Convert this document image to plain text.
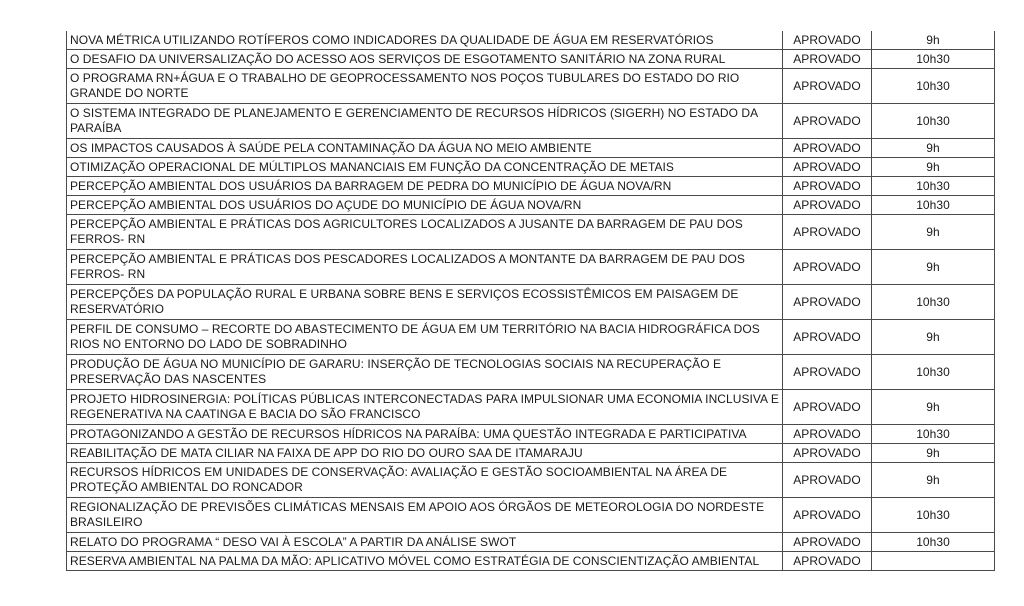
NOVA MÉTRICA UTILIZANDO ROTÍFEROS COMO INDICADORES DA QUALIDADE DE ÁGUA EM RESERVATÓRIOS	APROVADO	9h
O DESAFIO DA UNIVERSALIZAÇÃO DO ACESSO AOS SERVIÇOS DE ESGOTAMENTO SANITÁRIO NA ZONA RURAL	APROVADO	10h30
O PROGRAMA RN+ÁGUA E O TRABALHO DE GEOPROCESSAMENTO NOS POÇOS TUBULARES DO ESTADO DO RIO GRANDE DO NORTE	APROVADO	10h30
O SISTEMA INTEGRADO DE PLANEJAMENTO E GERENCIAMENTO DE RECURSOS HÍDRICOS (SIGERH) NO ESTADO DA PARAÍBA	APROVADO	10h30
OS IMPACTOS CAUSADOS À SAÚDE PELA CONTAMINAÇÃO DA ÁGUA NO MEIO AMBIENTE	APROVADO	9h
OTIMIZAÇÃO OPERACIONAL DE MÚLTIPLOS MANANCIAIS EM FUNÇÃO DA CONCENTRAÇÃO DE METAIS	APROVADO	9h
PERCEPÇÃO AMBIENTAL DOS USUÁRIOS DA BARRAGEM DE PEDRA DO MUNICÍPIO DE ÁGUA NOVA/RN	APROVADO	10h30
PERCEPÇÃO AMBIENTAL DOS USUÁRIOS DO AÇUDE DO MUNICÍPIO DE ÁGUA NOVA/RN	APROVADO	10h30
PERCEPÇÃO AMBIENTAL E PRÁTICAS DOS AGRICULTORES LOCALIZADOS A JUSANTE DA BARRAGEM DE PAU DOS FERROS- RN	APROVADO	9h
PERCEPÇÃO AMBIENTAL E PRÁTICAS DOS PESCADORES LOCALIZADOS A MONTANTE DA BARRAGEM DE PAU DOS FERROS- RN	APROVADO	9h
PERCEPÇÕES DA POPULAÇÃO RURAL E URBANA SOBRE BENS E SERVIÇOS ECOSSISTÊMICOS EM PAISAGEM DE RESERVATÓRIO	APROVADO	10h30
PERFIL DE CONSUMO – RECORTE DO ABASTECIMENTO DE ÁGUA EM UM TERRITÓRIO NA BACIA HIDROGRÁFICA DOS RIOS NO ENTORNO DO LADO DE SOBRADINHO	APROVADO	9h
PRODUÇÃO DE ÁGUA NO MUNICÍPIO DE GARARU: INSERÇÃO DE TECNOLOGIAS SOCIAIS NA RECUPERAÇÃO E PRESERVAÇÃO DAS NASCENTES	APROVADO	10h30
PROJETO HIDROSINERGIA: POLÍTICAS PÚBLICAS INTERCONECTADAS PARA IMPULSIONAR UMA ECONOMIA INCLUSIVA E REGENERATIVA NA CAATINGA E BACIA DO SÃO FRANCISCO	APROVADO	9h
PROTAGONIZANDO A GESTÃO DE RECURSOS HÍDRICOS NA PARAÍBA: UMA QUESTÃO INTEGRADA E PARTICIPATIVA	APROVADO	10h30
REABILITAÇÃO DE MATA CILIAR NA FAIXA DE APP DO RIO DO OURO SAA DE ITAMARAJU	APROVADO	9h
RECURSOS HÍDRICOS EM UNIDADES DE CONSERVAÇÃO: AVALIAÇÃO E GESTÃO SOCIOAMBIENTAL NA ÁREA DE PROTEÇÃO AMBIENTAL DO RONCADOR	APROVADO	9h
REGIONALIZAÇÃO DE PREVISÕES CLIMÁTICAS MENSAIS EM APOIO AOS ÓRGÃOS DE METEOROLOGIA DO NORDESTE BRASILEIRO	APROVADO	10h30
RELATO DO PROGRAMA “ DESO VAI À ESCOLA” A PARTIR DA ANÁLISE SWOT	APROVADO	10h30
RESERVA AMBIENTAL NA PALMA DA MÃO: APLICATIVO MÓVEL COMO ESTRATÉGIA DE CONSCIENTIZAÇÃO AMBIENTAL	APROVADO	
